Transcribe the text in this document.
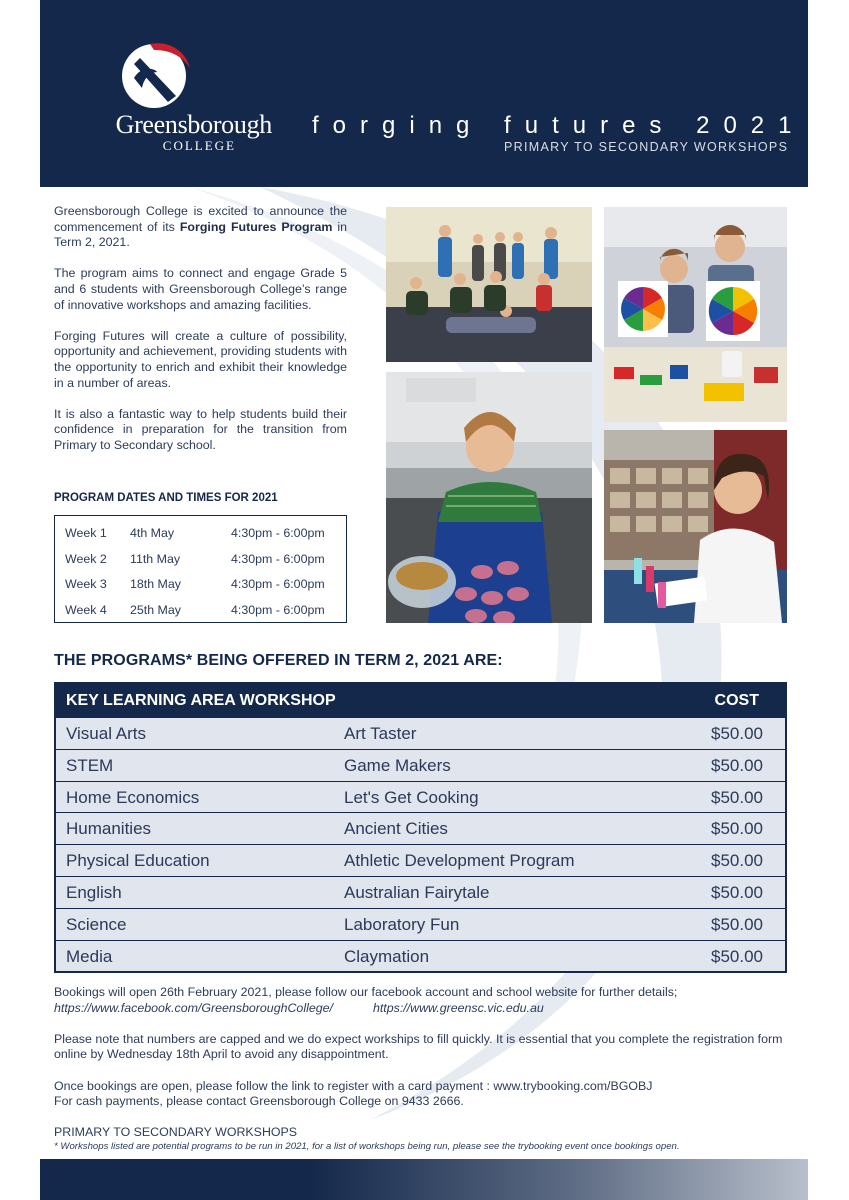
Greensborough
COLLEGE
forging futures 2021
PRIMARY TO SECONDARY WORKSHOPS

Greensborough College is excited to announce the commencement of its Forging Futures Program in Term 2, 2021.

The program aims to connect and engage Grade 5 and 6 students with Greensborough College’s range of innovative workshops and amazing facilities.

Forging Futures will create a culture of possibility, opportunity and achievement, providing students with the opportunity to enrich and exhibit their knowledge in a number of areas.

It is also a fantastic way to help students build their confidence in preparation for the transition from Primary to Secondary school.

PROGRAM DATES AND TIMES FOR 2021
Week 1 4th May	4:30pm - 6:00pm
Week 2 11th May	4:30pm - 6:00pm
Week 3 18th May	4:30pm - 6:00pm
Week 4 25th May	4:30pm - 6:00pm
THE PROGRAMS* BEING OFFERED IN TERM 2, 2021 ARE:
KEY LEARNING AREA WORKSHOP	COST
Visual Arts	Art Taster	$50.00
STEM	Game Makers	$50.00
Home Economics	Let's Get Cooking	$50.00
Humanities	Ancient Cities	$50.00
Physical Education	Athletic Development Program	$50.00
English	Australian Fairytale	$50.00
Science	Laboratory Fun	$50.00
Media	Claymation	$50.00

Bookings will open 26th February 2021, please follow our facebook account and school website for further details;
https://www.facebook.com/GreensboroughCollege/	https://www.greensc.vic.edu.au

Please note that numbers are capped and we do expect workships to fill quickly. It is essential that you complete the registration form online by Wednesday 18th April to avoid any disappointment.

Once bookings are open, please follow the link to register with a card payment : www.trybooking.com/BGOBJ
For cash payments, please contact Greensborough College on 9433 2666.

PRIMARY TO SECONDARY WORKSHOPS
* Workshops listed are potential programs to be run in 2021, for a list of workshops being run, please see the trybooking event once bookings open.
